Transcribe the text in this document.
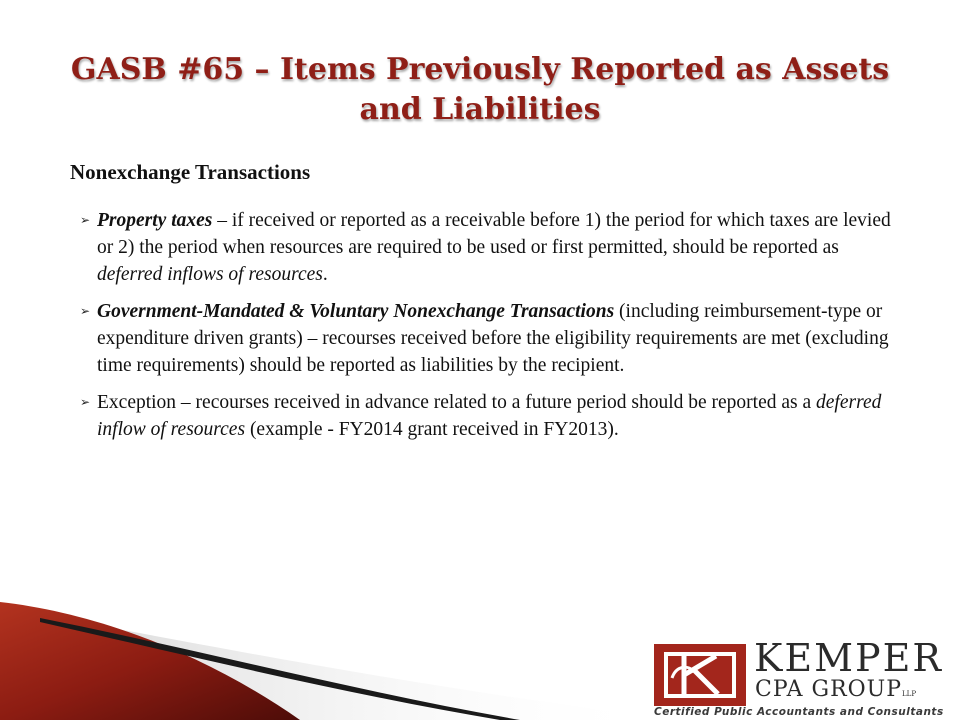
GASB #65 – Items Previously Reported as Assets and Liabilities
Nonexchange Transactions
➢ Property taxes – if received or reported as a receivable before 1) the period for which taxes are levied or 2) the period when resources are required to be used or first permitted, should be reported as deferred inflows of resources.
➢ Government-Mandated & Voluntary Nonexchange Transactions (including reimbursement-type or expenditure driven grants) – recourses received before the eligibility requirements are met (excluding time requirements) should be reported as liabilities by the recipient.
➢ Exception – recourses received in advance related to a future period should be reported as a deferred inflow of resources (example - FY2014 grant received in FY2013).
KEMPER
CPA GROUPLLP
Certified Public Accountants and Consultants
